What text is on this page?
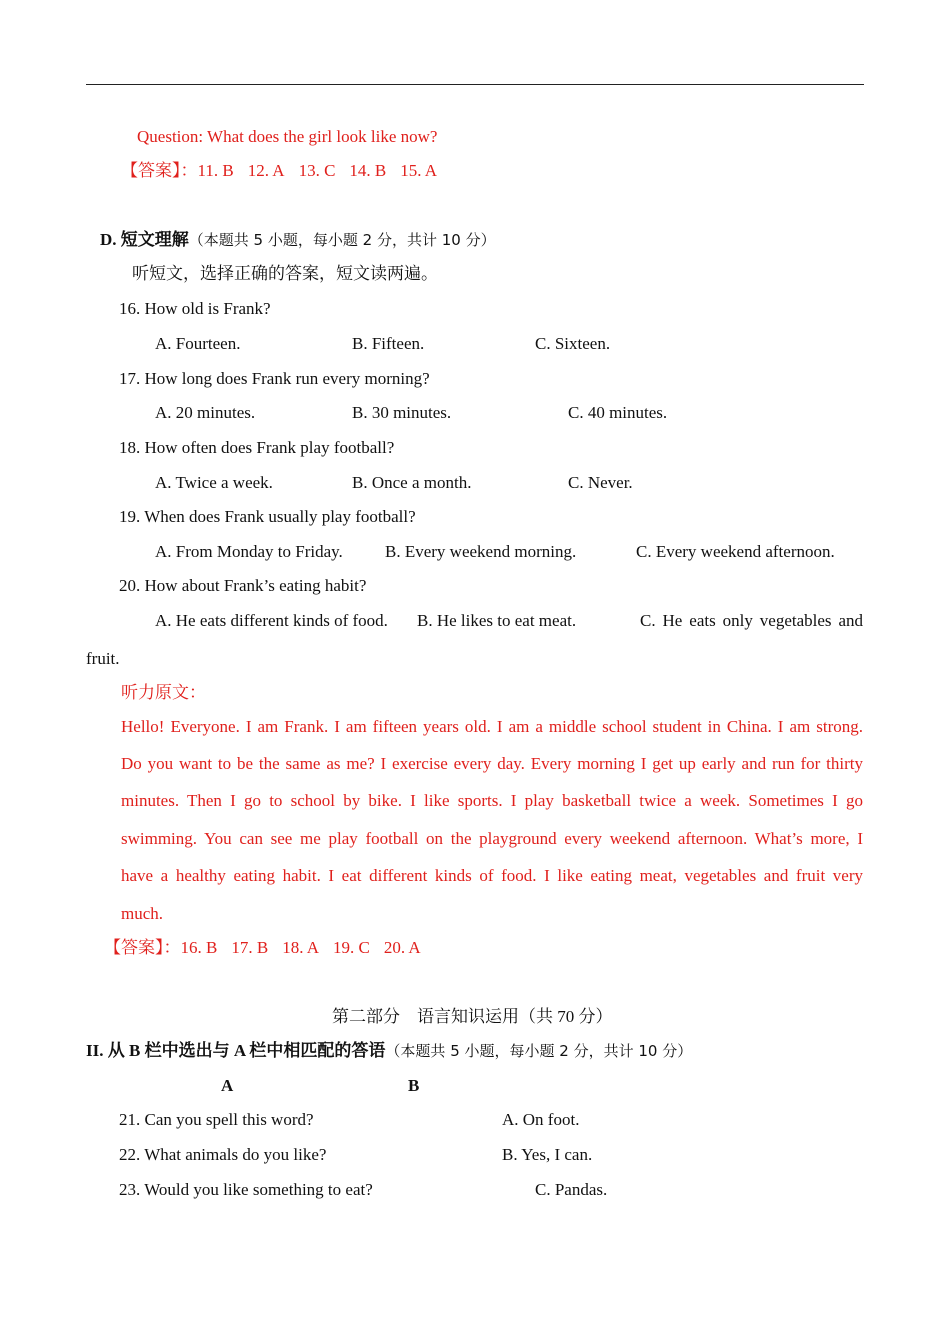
Question: What does the girl look like now?
【答案】：11. B 12. A 13. C 14. B 15. A
D. 短文理解（本题共 5 小题，每小题 2 分，共计 10 分）
听短文，选择正确的答案，短文读两遍。
16. How old is Frank?
A. Fourteen.	B. Fifteen.	C. Sixteen.
17. How long does Frank run every morning?
A. 20 minutes.	B. 30 minutes.	C. 40 minutes.
18. How often does Frank play football?
A. Twice a week.	B. Once a month.	C. Never.
19. When does Frank usually play football?
A. From Monday to Friday. B. Every weekend morning.	C. Every weekend afternoon.
20. How about Frank’s eating habit?
A. He eats different kinds of food. B. He likes to eat meat.	C. He eats only vegetables and
fruit.
听力原文：
Hello! Everyone. I am Frank. I am fifteen years old. I am a middle school student in China. I am strong.
Do you want to be the same as me? I exercise every day. Every morning I get up early and run for thirty
minutes. Then I go to school by bike. I like sports. I play basketball twice a week. Sometimes I go
swimming. You can see me play football on the playground every weekend afternoon. What’s more, I
have a healthy eating habit. I eat different kinds of food. I like eating meat, vegetables and fruit very
much.
【答案】：16. B 17. B 18. A 19. C 20. A
第二部分　语言知识运用（共 70 分）
II. 从 B 栏中选出与 A 栏中相匹配的答语（本题共 5 小题，每小题 2 分，共计 10 分）
A	B
21. Can you spell this word?	A. On foot.
22. What animals do you like?	B. Yes, I can.
23. Would you like something to eat?	C. Pandas.
